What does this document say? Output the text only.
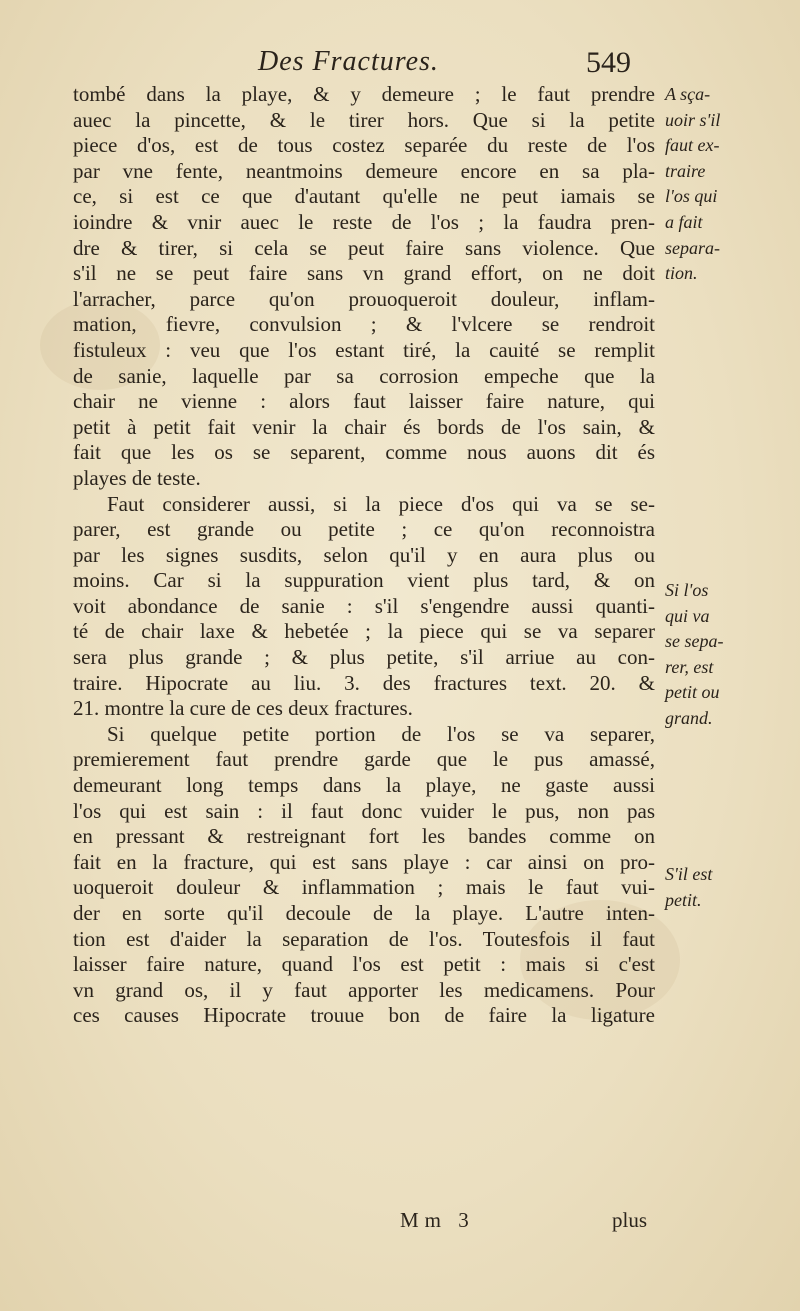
Des Fractures.	549
tombé dans la playe, & y demeure ; le faut prendre
auec la pincette, & le tirer hors. Que si la petite
piece d'os, est de tous costez separée du reste de l'os
par vne fente, neantmoins demeure encore en sa pla-
ce, si est ce que d'autant qu'elle ne peut iamais se
ioindre & vnir auec le reste de l'os ; la faudra pren-
dre & tirer, si cela se peut faire sans violence. Que
s'il ne se peut faire sans vn grand effort, on ne doit
l'arracher, parce qu'on prouoqueroit douleur, inflam-
mation, fievre, convulsion ; & l'vlcere se rendroit
fistuleux : veu que l'os estant tiré, la cauité se remplit
de sanie, laquelle par sa corrosion empeche que la
chair ne vienne : alors faut laisser faire nature, qui
petit à petit fait venir la chair és bords de l'os sain, &
fait que les os se separent, comme nous auons dit és
playes de teste.
Faut considerer aussi, si la piece d'os qui va se se-
parer, est grande ou petite ; ce qu'on reconnoistra
par les signes susdits, selon qu'il y en aura plus ou
moins. Car si la suppuration vient plus tard, & on
voit abondance de sanie : s'il s'engendre aussi quanti-
té de chair laxe & hebetée ; la piece qui se va separer
sera plus grande ; & plus petite, s'il arriue au con-
traire. Hipocrate au liu. 3. des fractures text. 20. &
21. montre la cure de ces deux fractures.
Si quelque petite portion de l'os se va separer,
premierement faut prendre garde que le pus amassé,
demeurant long temps dans la playe, ne gaste aussi
l'os qui est sain : il faut donc vuider le pus, non pas
en pressant & restreignant fort les bandes comme on
fait en la fracture, qui est sans playe : car ainsi on pro-
uoqueroit douleur & inflammation ; mais le faut vui-
der en sorte qu'il decoule de la playe. L'autre inten-
tion est d'aider la separation de l'os. Toutesfois il faut
laisser faire nature, quand l'os est petit : mais si c'est
vn grand os, il y faut apporter les medicamens. Pour
ces causes Hipocrate trouue bon de faire la ligature
A sça-
uoir s'il
faut ex-
traire
l'os qui
a fait
separa-
tion.
Si l'os
qui va
se sepa-
rer, est
petit ou
grand.
S'il est
petit.
Mm 3	plus
